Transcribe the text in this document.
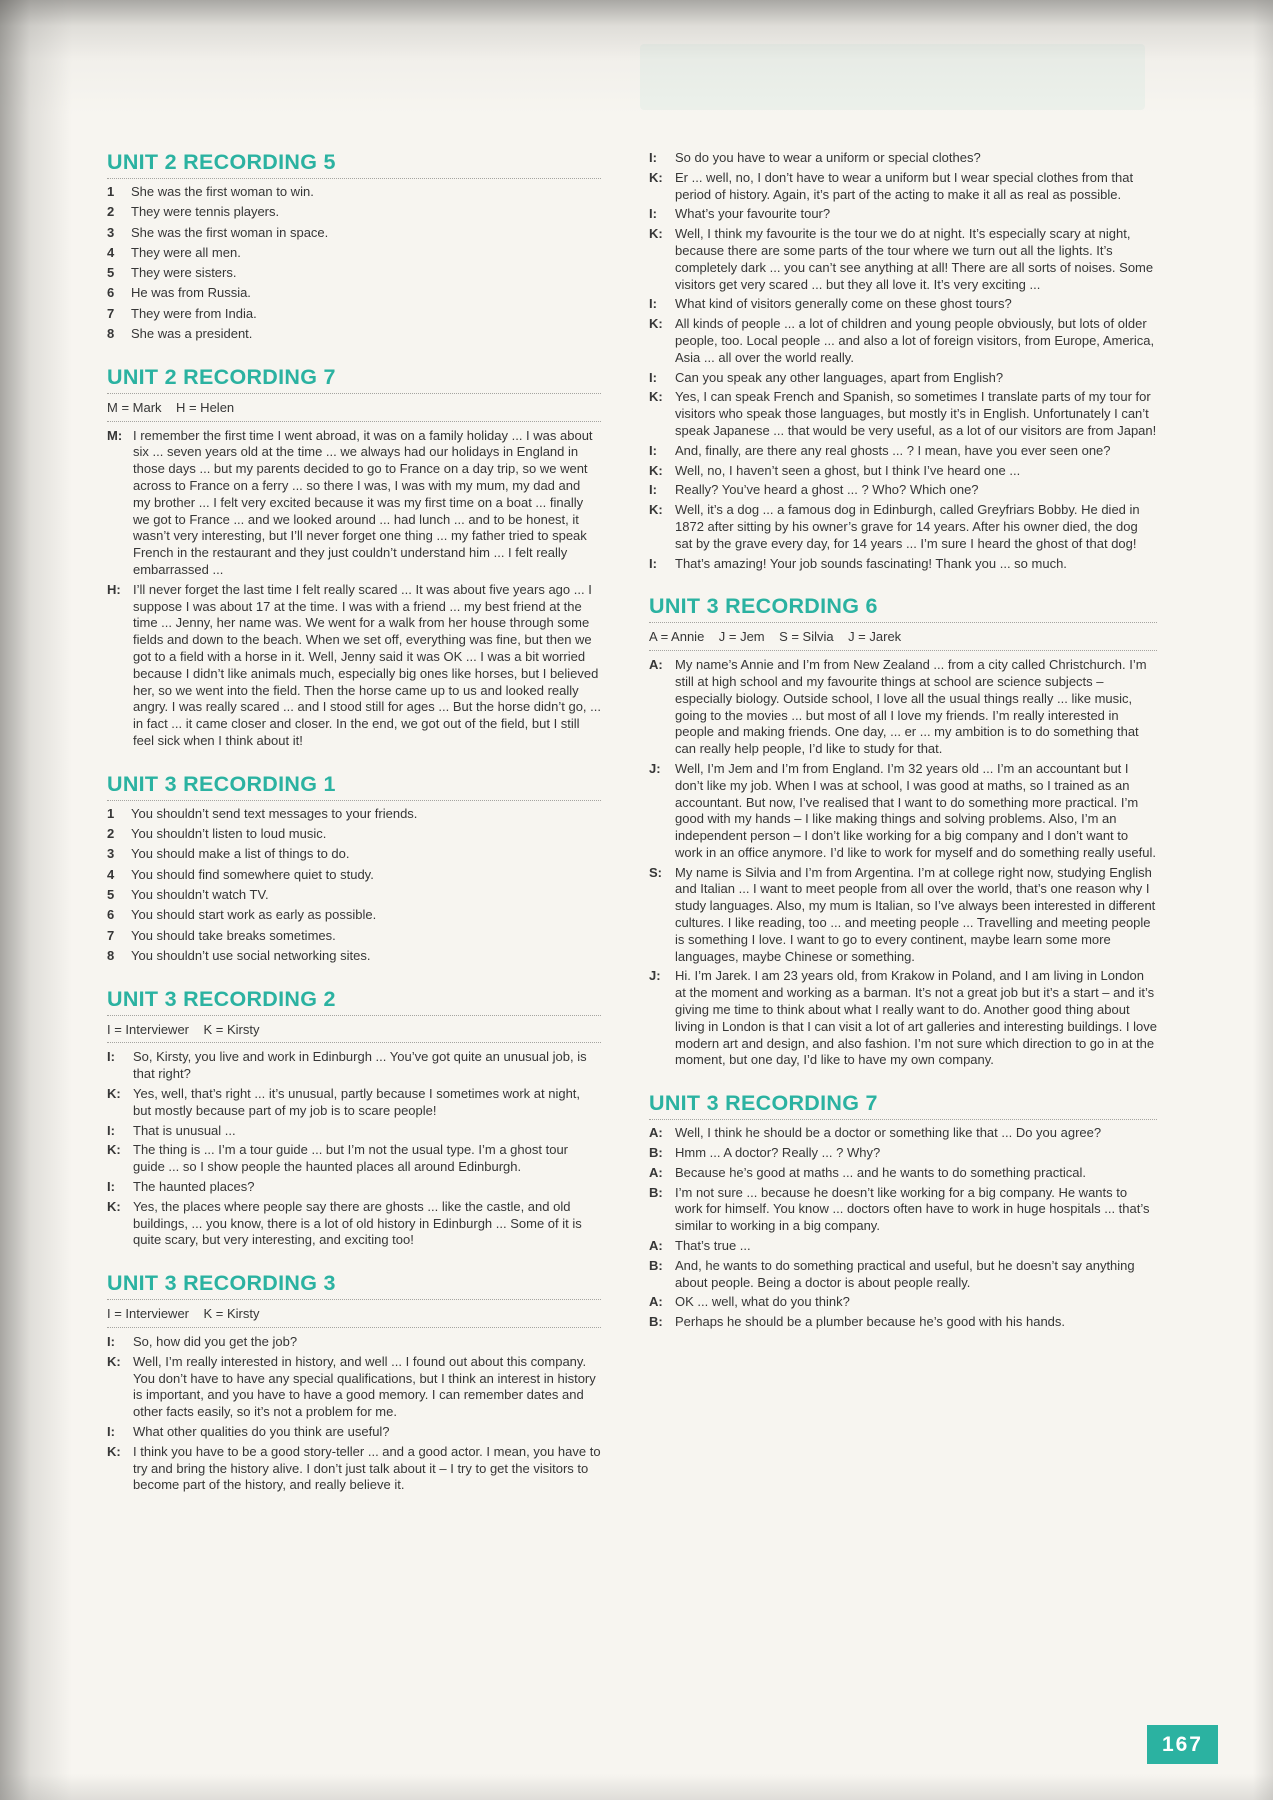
UNIT 2 RECORDING 5
1 She was the first woman to win.
2 They were tennis players.
3 She was the first woman in space.
4 They were all men.
5 They were sisters.
6 He was from Russia.
7 They were from India.
8 She was a president.
UNIT 2 RECORDING 7
M = Mark    H = Helen

M: I remember the first time I went abroad, it was on a family holiday ... I was about six ... seven years old at the time ... we always had our holidays in England in those days ... but my parents decided to go to France on a day trip, so we went across to France on a ferry ... so there I was, I was with my mum, my dad and my brother ... I felt very excited because it was my first time on a boat ... finally we got to France ... and we looked around ... had lunch ... and to be honest, it wasn’t very interesting, but I’ll never forget one thing ... my father tried to speak French in the restaurant and they just couldn’t understand him ... I felt really embarrassed ...

H: I’ll never forget the last time I felt really scared ... It was about five years ago ... I suppose I was about 17 at the time. I was with a friend ... my best friend at the time ... Jenny, her name was. We went for a walk from her house through some fields and down to the beach. When we set off, everything was fine, but then we got to a field with a horse in it. Well, Jenny said it was OK ... I was a bit worried because I didn’t like animals much, especially big ones like horses, but I believed her, so we went into the field. Then the horse came up to us and looked really angry. I was really scared ... and I stood still for ages ... But the horse didn’t go, ... in fact ... it came closer and closer. In the end, we got out of the field, but I still feel sick when I think about it!

UNIT 3 RECORDING 1
1 You shouldn’t send text messages to your friends.
2 You shouldn’t listen to loud music.
3 You should make a list of things to do.
4 You should find somewhere quiet to study.
5 You shouldn’t watch TV.
6 You should start work as early as possible.
7 You should take breaks sometimes.
8 You shouldn’t use social networking sites.
UNIT 3 RECORDING 2
I = Interviewer    K = Kirsty

I: So, Kirsty, you live and work in Edinburgh ... You’ve got quite an unusual job, is that right?

K: Yes, well, that’s right ... it’s unusual, partly because I sometimes work at night, but mostly because part of my job is to scare people!

I: That is unusual ...

K: The thing is ... I’m a tour guide ... but I’m not the usual type. I’m a ghost tour guide ... so I show people the haunted places all around Edinburgh.

I: The haunted places?

K: Yes, the places where people say there are ghosts ... like the castle, and old buildings, ... you know, there is a lot of old history in Edinburgh ... Some of it is quite scary, but very interesting, and exciting too!

UNIT 3 RECORDING 3
I = Interviewer    K = Kirsty

I: So, how did you get the job?

K: Well, I’m really interested in history, and well ... I found out about this company. You don’t have to have any special qualifications, but I think an interest in history is important, and you have to have a good memory. I can remember dates and other facts easily, so it’s not a problem for me.

I: What other qualities do you think are useful?

K: I think you have to be a good story-teller ... and a good actor. I mean, you have to try and bring the history alive. I don’t just talk about it – I try to get the visitors to become part of the history, and really believe it.

I: So do you have to wear a uniform or special clothes?

K: Er ... well, no, I don’t have to wear a uniform but I wear special clothes from that period of history. Again, it’s part of the acting to make it all as real as possible.

I: What’s your favourite tour?

K: Well, I think my favourite is the tour we do at night. It’s especially scary at night, because there are some parts of the tour where we turn out all the lights. It’s completely dark ... you can’t see anything at all! There are all sorts of noises. Some visitors get very scared ... but they all love it. It’s very exciting ...

I: What kind of visitors generally come on these ghost tours?

K: All kinds of people ... a lot of children and young people obviously, but lots of older people, too. Local people ... and also a lot of foreign visitors, from Europe, America, Asia ... all over the world really.

I: Can you speak any other languages, apart from English?

K: Yes, I can speak French and Spanish, so sometimes I translate parts of my tour for visitors who speak those languages, but mostly it’s in English. Unfortunately I can’t speak Japanese ... that would be very useful, as a lot of our visitors are from Japan!

I: And, finally, are there any real ghosts ... ? I mean, have you ever seen one?

K: Well, no, I haven’t seen a ghost, but I think I’ve heard one ...

I: Really? You’ve heard a ghost ... ? Who? Which one?

K: Well, it’s a dog ... a famous dog in Edinburgh, called Greyfriars Bobby. He died in 1872 after sitting by his owner’s grave for 14 years. After his owner died, the dog sat by the grave every day, for 14 years ... I’m sure I heard the ghost of that dog!

I: That’s amazing! Your job sounds fascinating! Thank you ... so much.

UNIT 3 RECORDING 6
A = Annie    J = Jem    S = Silvia    J = Jarek

A: My name’s Annie and I’m from New Zealand ... from a city called Christchurch. I’m still at high school and my favourite things at school are science subjects – especially biology. Outside school, I love all the usual things really ... like music, going to the movies ... but most of all I love my friends. I’m really interested in people and making friends. One day, ... er ... my ambition is to do something that can really help people, I’d like to study for that.

J: Well, I’m Jem and I’m from England. I’m 32 years old ... I’m an accountant but I don’t like my job. When I was at school, I was good at maths, so I trained as an accountant. But now, I’ve realised that I want to do something more practical. I’m good with my hands – I like making things and solving problems. Also, I’m an independent person – I don’t like working for a big company and I don’t want to work in an office anymore. I’d like to work for myself and do something really useful.

S: My name is Silvia and I’m from Argentina. I’m at college right now, studying English and Italian ... I want to meet people from all over the world, that’s one reason why I study languages. Also, my mum is Italian, so I’ve always been interested in different cultures. I like reading, too ... and meeting people ... Travelling and meeting people is something I love. I want to go to every continent, maybe learn some more languages, maybe Chinese or something.

J: Hi. I’m Jarek. I am 23 years old, from Krakow in Poland, and I am living in London at the moment and working as a barman. It’s not a great job but it’s a start – and it’s giving me time to think about what I really want to do. Another good thing about living in London is that I can visit a lot of art galleries and interesting buildings. I love modern art and design, and also fashion. I’m not sure which direction to go in at the moment, but one day, I’d like to have my own company.

UNIT 3 RECORDING 7

A: Well, I think he should be a doctor or something like that ... Do you agree?

B: Hmm ... A doctor? Really ... ? Why?

A: Because he’s good at maths ... and he wants to do something practical.

B: I’m not sure ... because he doesn’t like working for a big company. He wants to work for himself. You know ... doctors often have to work in huge hospitals ... that’s similar to working in a big company.

A: That’s true ...

B: And, he wants to do something practical and useful, but he doesn’t say anything about people. Being a doctor is about people really.

A: OK ... well, what do you think?

B: Perhaps he should be a plumber because he’s good with his hands.

167
